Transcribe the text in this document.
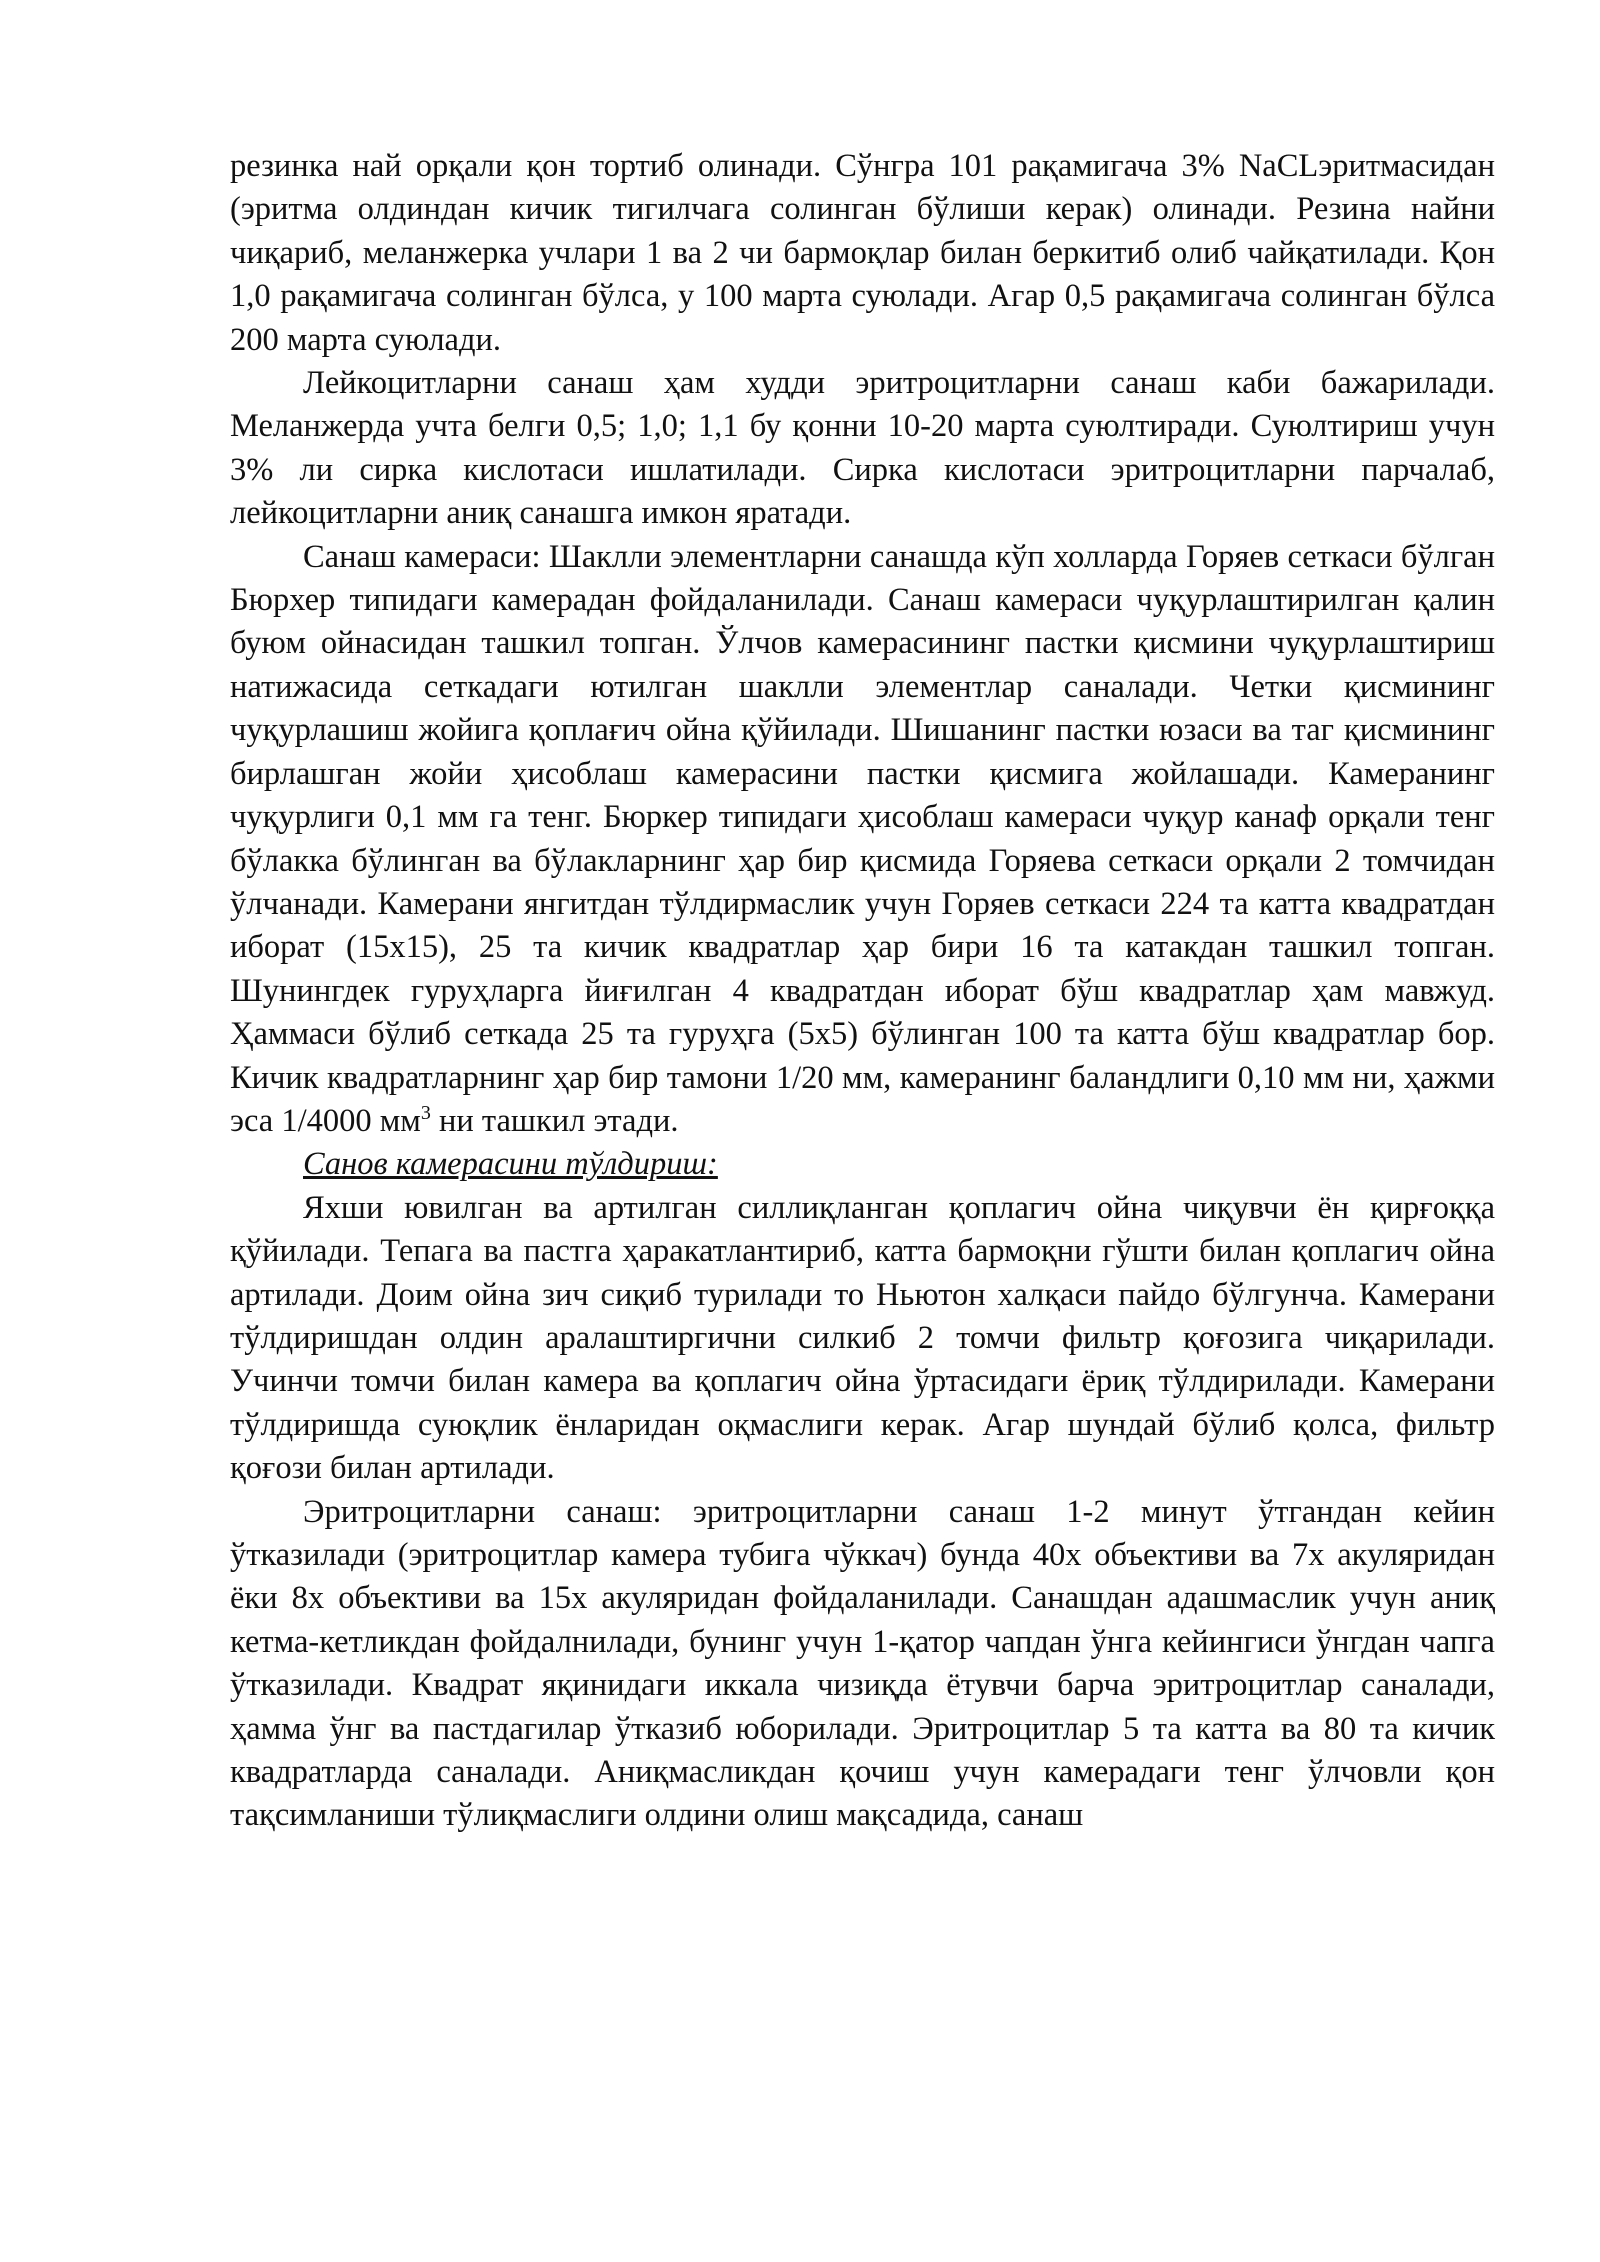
резинка най орқали қон тортиб олинади. Сўнгра 101 рақамигача 3% NaCLэритмасидан (эритма олдиндан кичик тигилчага солинган бўлиши керак) олинади. Резина найни чиқариб, меланжерка учлари 1 ва 2 чи бармоқлар билан беркитиб олиб чайқатилади. Қон 1,0 рақамигача солинган бўлса, у 100 марта суюлади. Агар 0,5 рақамигача солинган бўлса 200 марта суюлади.

Лейкоцитларни санаш ҳам худди эритроцитларни санаш каби бажарилади. Меланжерда учта белги 0,5; 1,0; 1,1 бу қонни 10-20 марта суюлтиради. Суюлтириш учун 3% ли сирка кислотаси ишлатилади. Сирка кислотаси эритроцитларни парчалаб, лейкоцитларни аниқ санашга имкон яратади.

Санаш камераси: Шаклли элементларни санашда кўп холларда Горяев сеткаси бўлган Бюрхер типидаги камерадан фойдаланилади. Санаш камераси чуқурлаштирилган қалин буюм ойнасидан ташкил топган. Ўлчов камерасининг пастки қисмини чуқурлаштириш натижасида сеткадаги ютилган шаклли элементлар саналади. Четки қисмининг чуқурлашиш жойига қоплағич ойна қўйилади. Шишанинг пастки юзаси ва таг қисмининг бирлашган жойи ҳисоблаш камерасини пастки қисмига жойлашади. Камеранинг чуқурлиги 0,1 мм га тенг. Бюркер типидаги ҳисоблаш камераси чуқур канаф орқали тенг бўлакка бўлинган ва бўлакларнинг ҳар бир қисмида Горяева сеткаси орқали 2 томчидан ўлчанади. Камерани янгитдан тўлдирмаслик учун Горяев сеткаси 224 та катта квадратдан иборат (15х15), 25 та кичик квадратлар ҳар бири 16 та катакдан ташкил топган. Шунингдек гуруҳларга йиғилган 4 квадратдан иборат бўш квадратлар ҳам мавжуд. Ҳаммаси бўлиб сеткада 25 та гуруҳга (5х5) бўлинган 100 та катта бўш квадратлар бор. Кичик квадратларнинг ҳар бир тамони 1/20 мм, камеранинг баландлиги 0,10 мм ни, ҳажми эса 1/4000 $мм^3$ ни ташкил этади.

Санов камерасини тўлдириш:

Яхши ювилган ва артилган силлиқланган қоплагич ойна чиқувчи ён қирғоққа қўйилади. Тепага ва пастга ҳаракатлантириб, катта бармоқни гўшти билан қоплагич ойна артилади. Доим ойна зич сиқиб турилади то Ньютон халқаси пайдо бўлгунча. Камерани тўлдиришдан олдин аралаштиргични силкиб 2 томчи фильтр қоғозига чиқарилади. Учинчи томчи билан камера ва қоплагич ойна ўртасидаги ёриқ тўлдирилади. Камерани тўлдиришда суюқлик ёнларидан оқмаслиги керак. Агар шундай бўлиб қолса, фильтр қоғози билан артилади.

Эритроцитларни санаш: эритроцитларни санаш 1-2 минут ўтгандан кейин ўтказилади (эритроцитлар камера тубига чўккач) бунда 40х объективи ва 7х акуляридан ёки 8х объективи ва 15х акуляридан фойдаланилади. Санашдан адашмаслик учун аниқ кетма-кетликдан фойдалнилади, бунинг учун 1-қатор чапдан ўнга кейингиси ўнгдан чапга ўтказилади. Квадрат яқинидаги иккала чизиқда ётувчи барча эритроцитлар саналади, ҳамма ўнг ва пастдагилар ўтказиб юборилади. Эритроцитлар 5 та катта ва 80 та кичик квадратларда саналади. Аниқмасликдан қочиш учун камерадаги тенг ўлчовли қон тақсимланиши тўлиқмаслиги олдини олиш мақсадида, санаш
